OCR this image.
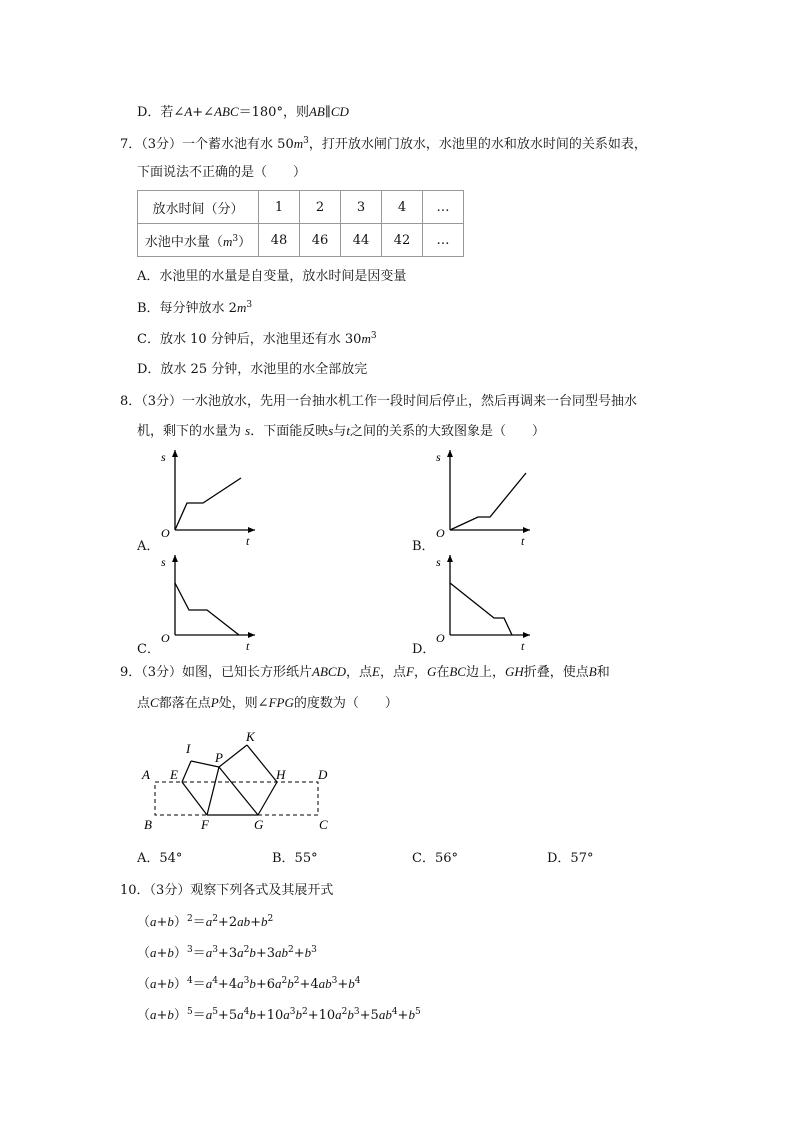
D．若∠A+∠ABC＝180°，则AB∥CD
7．（3分）一个蓄水池有水 $50m^3$，打开放水闸门放水，水池里的水和放水时间的关系如表，
下面说法不正确的是（　　）
放水时间（分）	1	2	3	4	…
水池中水量$(m^3)$	48	46	44	42	…
A．水池里的水量是自变量，放水时间是因变量
B．每分钟放水 $2m^3$
C．放水 10 分钟后，水池里还有水 $30m^3$
D．放水 25 分钟，水池里的水全部放完
8．（3分）一水池放水，先用一台抽水机工作一段时间后停止，然后再调来一台同型号抽水
机，剩下的水量为 s．下面能反映s与t之间的关系的大致图象是（　　）
A．
s
t
O
B．
s
t
O
C．
s
t
O
D．
s
t
O
9．（3分）如图，已知长方形纸片ABCD，点E，点F，G在BC边上，GH折叠，使点B和
点C都落在点P处，则∠FPG的度数为（　　）
A E
I
P
K
H	D
B	F	G	C
A．54°	B．55°	C．56°	D．57°
10．（3分）观察下列各式及其展开式
$(a+b)^2=a^2+2ab+b^2$
$(a+b)^3=a^3+3a^2b+3ab^2+b^3$
$(a+b)^4=a^4+4a^3b+6a^2b^2+4ab^3+b^4$
$(a+b)^5=a^5+5a^4b+10a^3b^2+10a^2b^3+5ab^4+b^5$
